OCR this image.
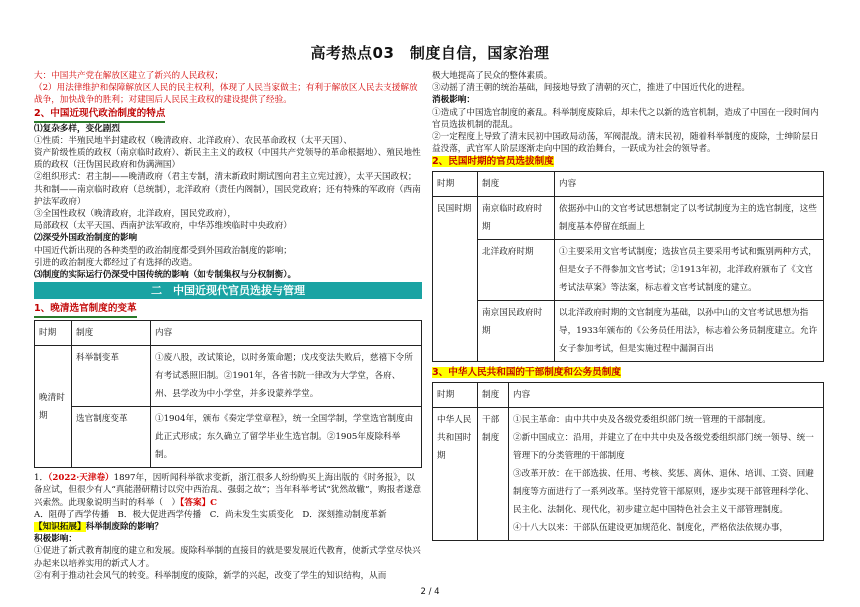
高考热点03　制度自信，国家治理
大：中国共产党在解放区建立了新兴的人民政权；
（2）用法律维护和保障解放区人民的民主权利，体现了人民当家做主；有利于解放区人民去支援解放战争，加快战争的胜利；对建国后人民民主政权的建设提供了经验。
2、中国近现代政治制度的特点
⑴复杂多样，变化剧烈
①性质：半殖民地半封建政权（晚清政府、北洋政府）、农民革命政权（太平天国）、
资产阶级性质的政权（南京临时政府）、新民主主义的政权（中国共产党领导的革命根据地）、殖民地性质的政权（汪伪国民政府和伪满洲国）
②组织形式：君主制——晚清政府（君主专制，清末新政时期试图向君主立宪过渡），太平天国政权；
共和制——南京临时政府（总统制），北洋政府（责任内阁制），国民党政府；还有特殊的军政府（西南护法军政府）
③全国性政权（晚清政府，北洋政府，国民党政府），
局部政权（太平天国、西南护法军政府，中华苏维埃临时中央政府）
⑵深受外国政治制度的影响
中国近代新出现的各种类型的政治制度都受到外国政治制度的影响；
引进的政治制度大都经过了有选择的改造。
⑶制度的实际运行仍深受中国传统的影响（如专制集权与分权制衡）。
二　中国近现代官员选拔与管理
1、晚清选官制度的变革
时期	制度	内容
晚清时期	科举制变革	①废八股，改试策论，以时务策命题；戊戌变法失败后，慈禧下令所有考试悉照旧制。②1901年，各省书院一律改为大学堂，各府、州、县学改为中小学堂，并多设蒙养学堂。
	选官制度变革	①1904年，颁布《奏定学堂章程》，统一全国学制，学堂选官制度由此正式形成；东久确立了留学毕业生选官制。②1905年废除科举制。
1．（2022·天津卷）1897年，因听闻科举欲求变新，浙江很多人纷纷购买上海出版的《时务报》，以备应试，但很少有人“真能潜研精讨以究中西治乱、强弱之故”；当年科举考试“犹然故辙”，购报者遂意兴索然。此现象说明当时的科举（　）【答案】C
A．阻碍了西学传播　B．极大促进西学传播　C．尚未发生实质变化　D．深刻推动制度革新
【知识拓展】科举制废除的影响？
积极影响：
①促进了新式教育制度的建立和发展。废除科举制的直接目的就是要发展近代教育，使新式学堂尽快兴办起来以培养实用的新式人才。
②有利于推动社会风气的转变。科举制度的废除，新学的兴起，改变了学生的知识结构，从而
极大地提高了民众的整体素质。
③动摇了清王朝的统治基础，间接地导致了清朝的灭亡，推进了中国近代化的进程。
消极影响：
①造成了中国选官制度的紊乱。科举制度废除后，却未代之以新的选官机制，造成了中国在一段时间内官员选拔机制的混乱。
②一定程度上导致了清末民初中国政局动荡，军阀混战。清末民初，随着科举制度的废除，士绅阶层日益没落，武官军人阶层逐渐走向中国的政治舞台，一跃成为社会的领导者。
2、民国时期的官员选拔制度
时期	制度	内容
民国时期	南京临时政府时期	依据孙中山的文官考试思想制定了以考试制度为主的选官制度，这些制度基本停留在纸面上
	北洋政府时期	①主要采用文官考试制度；选拔官员主要采用考试和甄别两种方式，但是女子不得参加文官考试；②1913年初，北洋政府颁布了《文官考试法草案》等法案，标志着文官考试制度的建立。
	南京国民政府时期	以北洋政府时期的文官制度为基础，以孙中山的文官考试思想为指导，1933年颁布的《公务员任用法》，标志着公务员制度建立。允许女子参加考试，但是实施过程中漏洞百出
3、中华人民共和国的干部制度和公务员制度
时期	制度	内容
中华人民共和国时期	干部制度	①民主革命：由中共中央及各级党委组织部门统一管理的干部制度。
②新中国成立：沿用，并建立了在中共中央及各级党委组织部门统一领导、统一管理下的分类管理的干部制度
③改革开放：在干部选拔、任用、考核、奖惩、离休、退休、培训、工资、回避制度等方面进行了一系列改革。坚持党管干部原则，逐步实现干部管理科学化、民主化、法制化、现代化，初步建立起中国特色社会主义干部管理制度。
④十八大以来：干部队伍建设更加规范化、制度化，严格依法依规办事，
2 / 4
